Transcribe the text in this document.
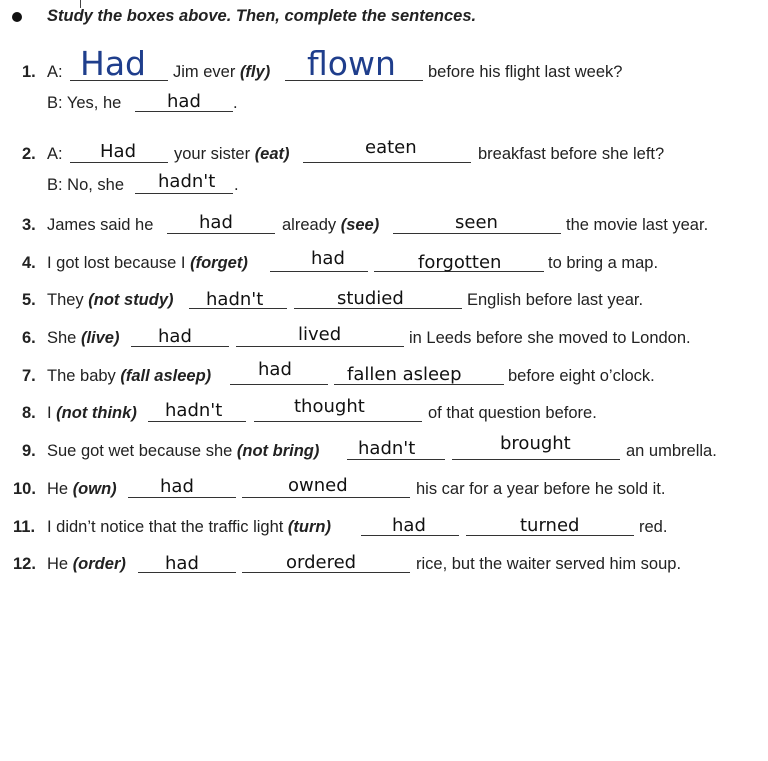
Study the boxes above. Then, complete the sentences.
1. A: Had Jim ever (fly) flown before his flight last week?
B: Yes, he	had .
2. A: Had your sister (eat)	eaten	breakfast before she left?
B: No, she hadn't .
3. James said he	had	already (see)	seen	the movie last year.
4. I got lost because I (forget)	had	forgotten	to bring a map.
5. They (not study) hadn't	studied	English before last year.
6. She (live) had	lived	in Leeds before she moved to London.
7. The baby (fall asleep)	had	fallen asleep	before eight o’clock.
8. I (not think) hadn't	thought	of that question before.
9. Sue got wet because she (not bring) hadn't	brought	an umbrella.
10. He (own) had	owned	his car for a year before he sold it.
11. I didn’t notice that the traffic light (turn)	had	turned	red.
12. He (order) had	ordered	rice, but the waiter served him soup.
